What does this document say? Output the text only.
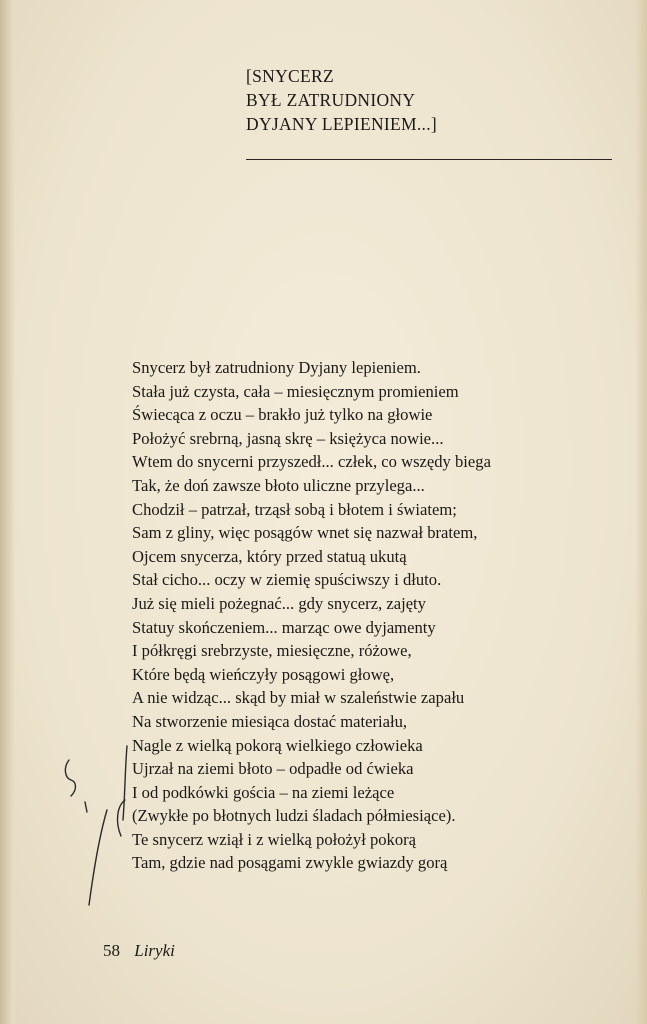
[SNYCERZ
BYŁ ZATRUDNIONY
DYJANY LEPIENIEM...]
Snycerz był zatrudniony Dyjany lepieniem.
Stała już czysta, cała – miesięcznym promieniem
Świecąca z oczu – brakło już tylko na głowie
Położyć srebrną, jasną skrę – księżyca nowie...
Wtem do snycerni przyszedł... człek, co wszędy biega
Tak, że doń zawsze błoto uliczne przylega...
Chodził – patrzał, trząsł sobą i błotem i światem;
Sam z gliny, więc posągów wnet się nazwał bratem,
Ojcem snycerza, który przed statuą ukutą
Stał cicho... oczy w ziemię spuściwszy i dłuto.
Już się mieli pożegnać... gdy snycerz, zajęty
Statuy skończeniem... marząc owe dyjamenty
I półkręgi srebrzyste, miesięczne, różowe,
Które będą wieńczyły posągowi głowę,
A nie widząc... skąd by miał w szaleństwie zapału
Na stworzenie miesiąca dostać materiału,
Nagle z wielką pokorą wielkiego człowieka
Ujrzał na ziemi błoto – odpadłe od ćwieka
I od podkówki gościa – na ziemi leżące
(Zwykłe po błotnych ludzi śladach półmiesiące).
Te snycerz wziął i z wielką położył pokorą
Tam, gdzie nad posągami zwykle gwiazdy gorą
58 Liryki
